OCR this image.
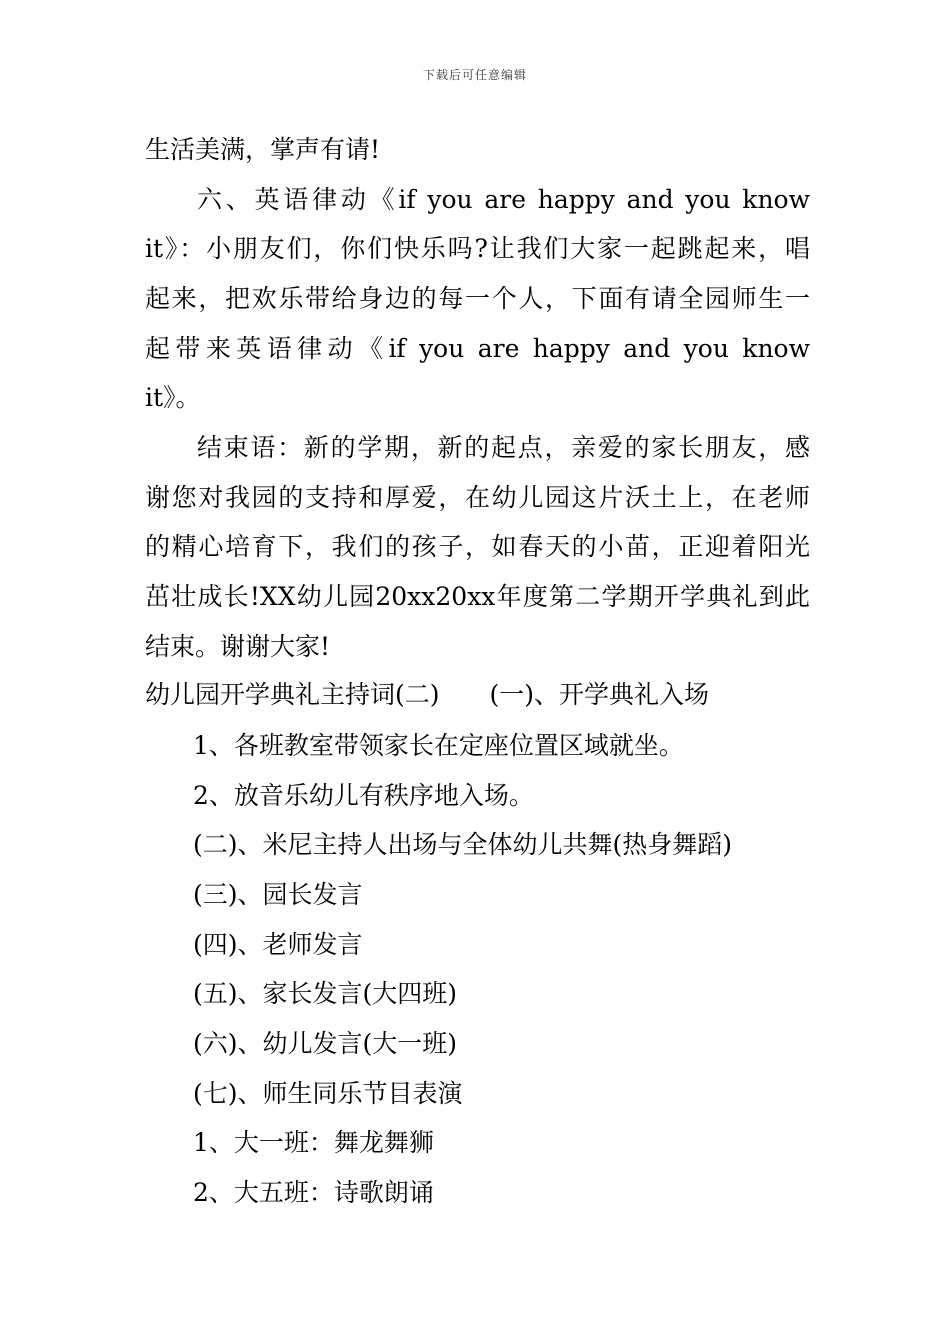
下载后可任意编辑
生活美满，掌声有请!
六、英语律动《if you are happy and you know
it》：小朋友们，你们快乐吗?让我们大家一起跳起来，唱
起来，把欢乐带给身边的每一个人，下面有请全园师生一
起带来英语律动《if you are happy and you know
it》。
结束语：新的学期，新的起点，亲爱的家长朋友，感
谢您对我园的支持和厚爱，在幼儿园这片沃土上，在老师
的精心培育下，我们的孩子，如春天的小苗，正迎着阳光
茁壮成长!XX幼儿园20xx20xx年度第二学期开学典礼到此
结束。谢谢大家!
幼儿园开学典礼主持词(二)　　(一)、开学典礼入场
1、各班教室带领家长在定座位置区域就坐。
2、放音乐幼儿有秩序地入场。
(二)、米尼主持人出场与全体幼儿共舞(热身舞蹈)
(三)、园长发言
(四)、老师发言
(五)、家长发言(大四班)
(六)、幼儿发言(大一班)
(七)、师生同乐节目表演
1、大一班：舞龙舞狮
2、大五班：诗歌朗诵
